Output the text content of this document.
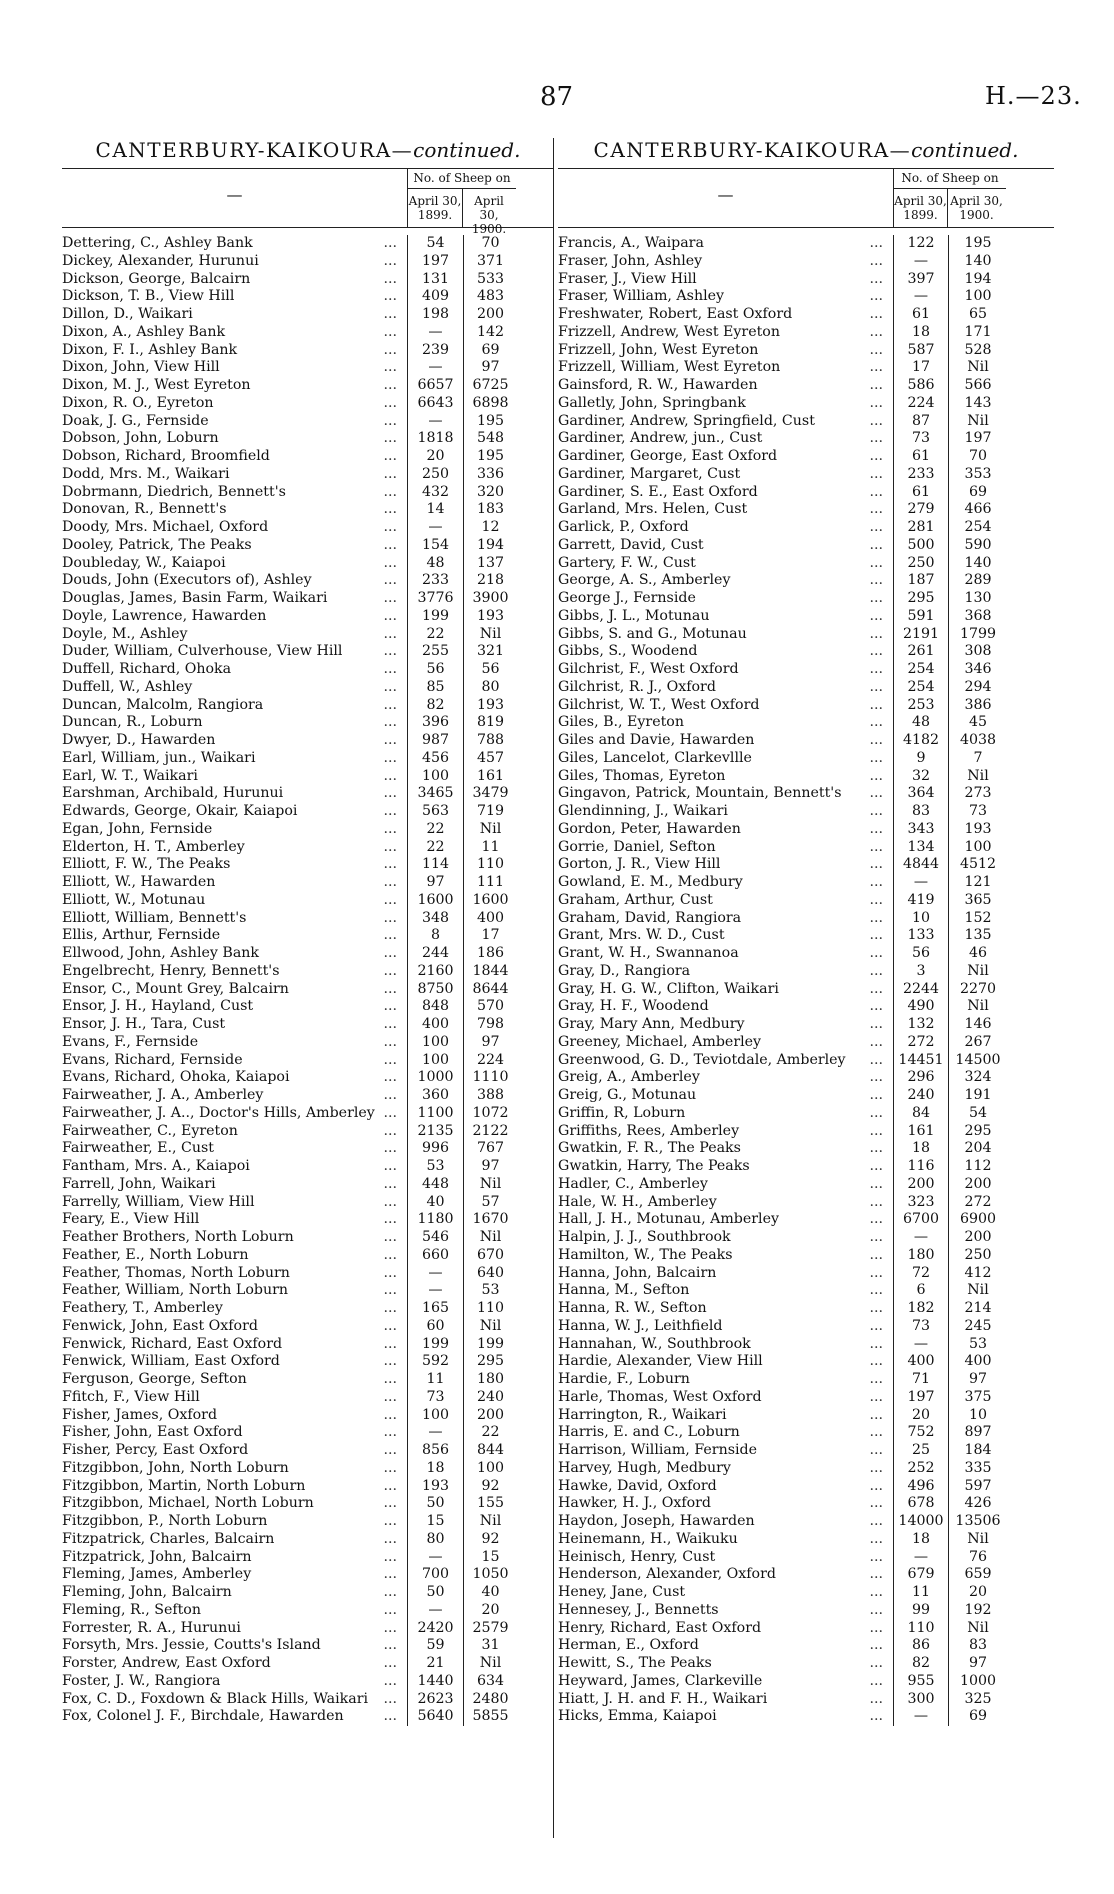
87	H.—23.
CANTERBURY-KAIKOURA—continued.
—
No. of Sheep on
April 30,
1899.
April 30,
1900.
Dettering, C., Ashley Bank	...	54	70
Dickey, Alexander, Hurunui	...	197	371
Dickson, George, Balcairn	...	131	533
Dickson, T. B., View Hill	...	409	483
Dillon, D., Waikari	...	198	200
Dixon, A., Ashley Bank	...	—	142
Dixon, F. I., Ashley Bank	...	239	69
Dixon, John, View Hill	...	—	97
Dixon, M. J., West Eyreton	...	6657	6725
Dixon, R. O., Eyreton	...	6643	6898
Doak, J. G., Fernside	...	—	195
Dobson, John, Loburn	...	1818	548
Dobson, Richard, Broomfield	...	20	195
Dodd, Mrs. M., Waikari	...	250	336
Dobrmann, Diedrich, Bennett's	...	432	320
Donovan, R., Bennett's	...	14	183
Doody, Mrs. Michael, Oxford	...	—	12
Dooley, Patrick, The Peaks	...	154	194
Doubleday, W., Kaiapoi	...	48	137
Douds, John (Executors of), Ashley	...	233	218
Douglas, James, Basin Farm, Waikari	...	3776	3900
Doyle, Lawrence, Hawarden	...	199	193
Doyle, M., Ashley	...	22	Nil
Duder, William, Culverhouse, View Hill	...	255	321
Duffell, Richard, Ohoka	...	56	56
Duffell, W., Ashley	...	85	80
Duncan, Malcolm, Rangiora	...	82	193
Duncan, R., Loburn	...	396	819
Dwyer, D., Hawarden	...	987	788
Earl, William, jun., Waikari	...	456	457
Earl, W. T., Waikari	...	100	161
Earshman, Archibald, Hurunui	...	3465	3479
Edwards, George, Okair, Kaiapoi	...	563	719
Egan, John, Fernside	...	22	Nil
Elderton, H. T., Amberley	...	22	11
Elliott, F. W., The Peaks	...	114	110
Elliott, W., Hawarden	...	97	111
Elliott, W., Motunau	...	1600	1600
Elliott, William, Bennett's	...	348	400
Ellis, Arthur, Fernside	...	8	17
Ellwood, John, Ashley Bank	...	244	186
Engelbrecht, Henry, Bennett's	...	2160	1844
Ensor, C., Mount Grey, Balcairn	...	8750	8644
Ensor, J. H., Hayland, Cust	...	848	570
Ensor, J. H., Tara, Cust	...	400	798
Evans, F., Fernside	...	100	97
Evans, Richard, Fernside	...	100	224
Evans, Richard, Ohoka, Kaiapoi	...	1000	1110
Fairweather, J. A., Amberley	...	360	388
Fairweather, J. A.., Doctor's Hills, Amberley ...	1100	1072
Fairweather, C., Eyreton	...	2135	2122
Fairweather, E., Cust	...	996	767
Fantham, Mrs. A., Kaiapoi	...	53	97
Farrell, John, Waikari	...	448	Nil
Farrelly, William, View Hill	...	40	57
Feary, E., View Hill	...	1180	1670
Feather Brothers, North Loburn	...	546	Nil
Feather, E., North Loburn	...	660	670
Feather, Thomas, North Loburn	...	—	640
Feather, William, North Loburn	...	—	53
Feathery, T., Amberley	...	165	110
Fenwick, John, East Oxford	...	60	Nil
Fenwick, Richard, East Oxford	...	199	199
Fenwick, William, East Oxford	...	592	295
Ferguson, George, Sefton	...	11	180
Ffitch, F., View Hill	...	73	240
Fisher, James, Oxford	...	100	200
Fisher, John, East Oxford	...	—	22
Fisher, Percy, East Oxford	...	856	844
Fitzgibbon, John, North Loburn	...	18	100
Fitzgibbon, Martin, North Loburn	...	193	92
Fitzgibbon, Michael, North Loburn	...	50	155
Fitzgibbon, P., North Loburn	...	15	Nil
Fitzpatrick, Charles, Balcairn	...	80	92
Fitzpatrick, John, Balcairn	...	—	15
Fleming, James, Amberley	...	700	1050
Fleming, John, Balcairn	...	50	40
Fleming, R., Sefton	...	—	20
Forrester, R. A., Hurunui	...	2420	2579
Forsyth, Mrs. Jessie, Coutts's Island	...	59	31
Forster, Andrew, East Oxford	...	21	Nil
Foster, J. W., Rangiora	...	1440	634
Fox, C. D., Foxdown & Black Hills, Waikari ...	2623	2480
Fox, Colonel J. F., Birchdale, Hawarden	...	5640	5855
CANTERBURY-KAIKOURA—continued.
—
No. of Sheep on
April 30,
1899.
April 30,
1900.
Francis, A., Waipara	...	122	195
Fraser, John, Ashley	...	—	140
Fraser, J., View Hill	...	397	194
Fraser, William, Ashley	...	—	100
Freshwater, Robert, East Oxford	...	61	65
Frizzell, Andrew, West Eyreton	...	18	171
Frizzell, John, West Eyreton	...	587	528
Frizzell, William, West Eyreton	...	17	Nil
Gainsford, R. W., Hawarden	...	586	566
Galletly, John, Springbank	...	224	143
Gardiner, Andrew, Springfield, Cust	...	87	Nil
Gardiner, Andrew, jun., Cust	...	73	197
Gardiner, George, East Oxford	...	61	70
Gardiner, Margaret, Cust	...	233	353
Gardiner, S. E., East Oxford	...	61	69
Garland, Mrs. Helen, Cust	...	279	466
Garlick, P., Oxford	...	281	254
Garrett, David, Cust	...	500	590
Gartery, F. W., Cust	...	250	140
George, A. S., Amberley	...	187	289
George J., Fernside	...	295	130
Gibbs, J. L., Motunau	...	591	368
Gibbs, S. and G., Motunau	...	2191	1799
Gibbs, S., Woodend	...	261	308
Gilchrist, F., West Oxford	...	254	346
Gilchrist, R. J., Oxford	...	254	294
Gilchrist, W. T., West Oxford	...	253	386
Giles, B., Eyreton	...	48	45
Giles and Davie, Hawarden	...	4182	4038
Giles, Lancelot, Clarkevllle	...	9	7
Giles, Thomas, Eyreton	...	32	Nil
Gingavon, Patrick, Mountain, Bennett's ...	364	273
Glendinning, J., Waikari	...	83	73
Gordon, Peter, Hawarden	...	343	193
Gorrie, Daniel, Sefton	...	134	100
Gorton, J. R., View Hill	...	4844	4512
Gowland, E. M., Medbury	...	—	121
Graham, Arthur, Cust	...	419	365
Graham, David, Rangiora	...	10	152
Grant, Mrs. W. D., Cust	...	133	135
Grant, W. H., Swannanoa	...	56	46
Gray, D., Rangiora	...	3	Nil
Gray, H. G. W., Clifton, Waikari	...	2244	2270
Gray, H. F., Woodend	...	490	Nil
Gray, Mary Ann, Medbury	...	132	146
Greeney, Michael, Amberley	...	272	267
Greenwood, G. D., Teviotdale, Amberley ...	14451 14500
Greig, A., Amberley	...	296	324
Greig, G., Motunau	...	240	191
Griffin, R, Loburn	...	84	54
Griffiths, Rees, Amberley	...	161	295
Gwatkin, F. R., The Peaks	...	18	204
Gwatkin, Harry, The Peaks	...	116	112
Hadler, C., Amberley	...	200	200
Hale, W. H., Amberley	...	323	272
Hall, J. H., Motunau, Amberley	...	6700	6900
Halpin, J. J., Southbrook	...	—	200
Hamilton, W., The Peaks	...	180	250
Hanna, John, Balcairn	...	72	412
Hanna, M., Sefton	...	6	Nil
Hanna, R. W., Sefton	...	182	214
Hanna, W. J., Leithfield	...	73	245
Hannahan, W., Southbrook	...	—	53
Hardie, Alexander, View Hill	...	400	400
Hardie, F., Loburn	...	71	97
Harle, Thomas, West Oxford	...	197	375
Harrington, R., Waikari	...	20	10
Harris, E. and C., Loburn	...	752	897
Harrison, William, Fernside	...	25	184
Harvey, Hugh, Medbury	...	252	335
Hawke, David, Oxford	...	496	597
Hawker, H. J., Oxford	...	678	426
Haydon, Joseph, Hawarden	...	14000 13506
Heinemann, H., Waikuku	...	18	Nil
Heinisch, Henry, Cust	...	—	76
Henderson, Alexander, Oxford	...	679	659
Heney, Jane, Cust	...	11	20
Hennesey, J., Bennetts	...	99	192
Henry, Richard, East Oxford	...	110	Nil
Herman, E., Oxford	...	86	83
Hewitt, S., The Peaks	...	82	97
Heyward, James, Clarkeville	...	955	1000
Hiatt, J. H. and F. H., Waikari	...	300	325
Hicks, Emma, Kaiapoi	...	—	69
